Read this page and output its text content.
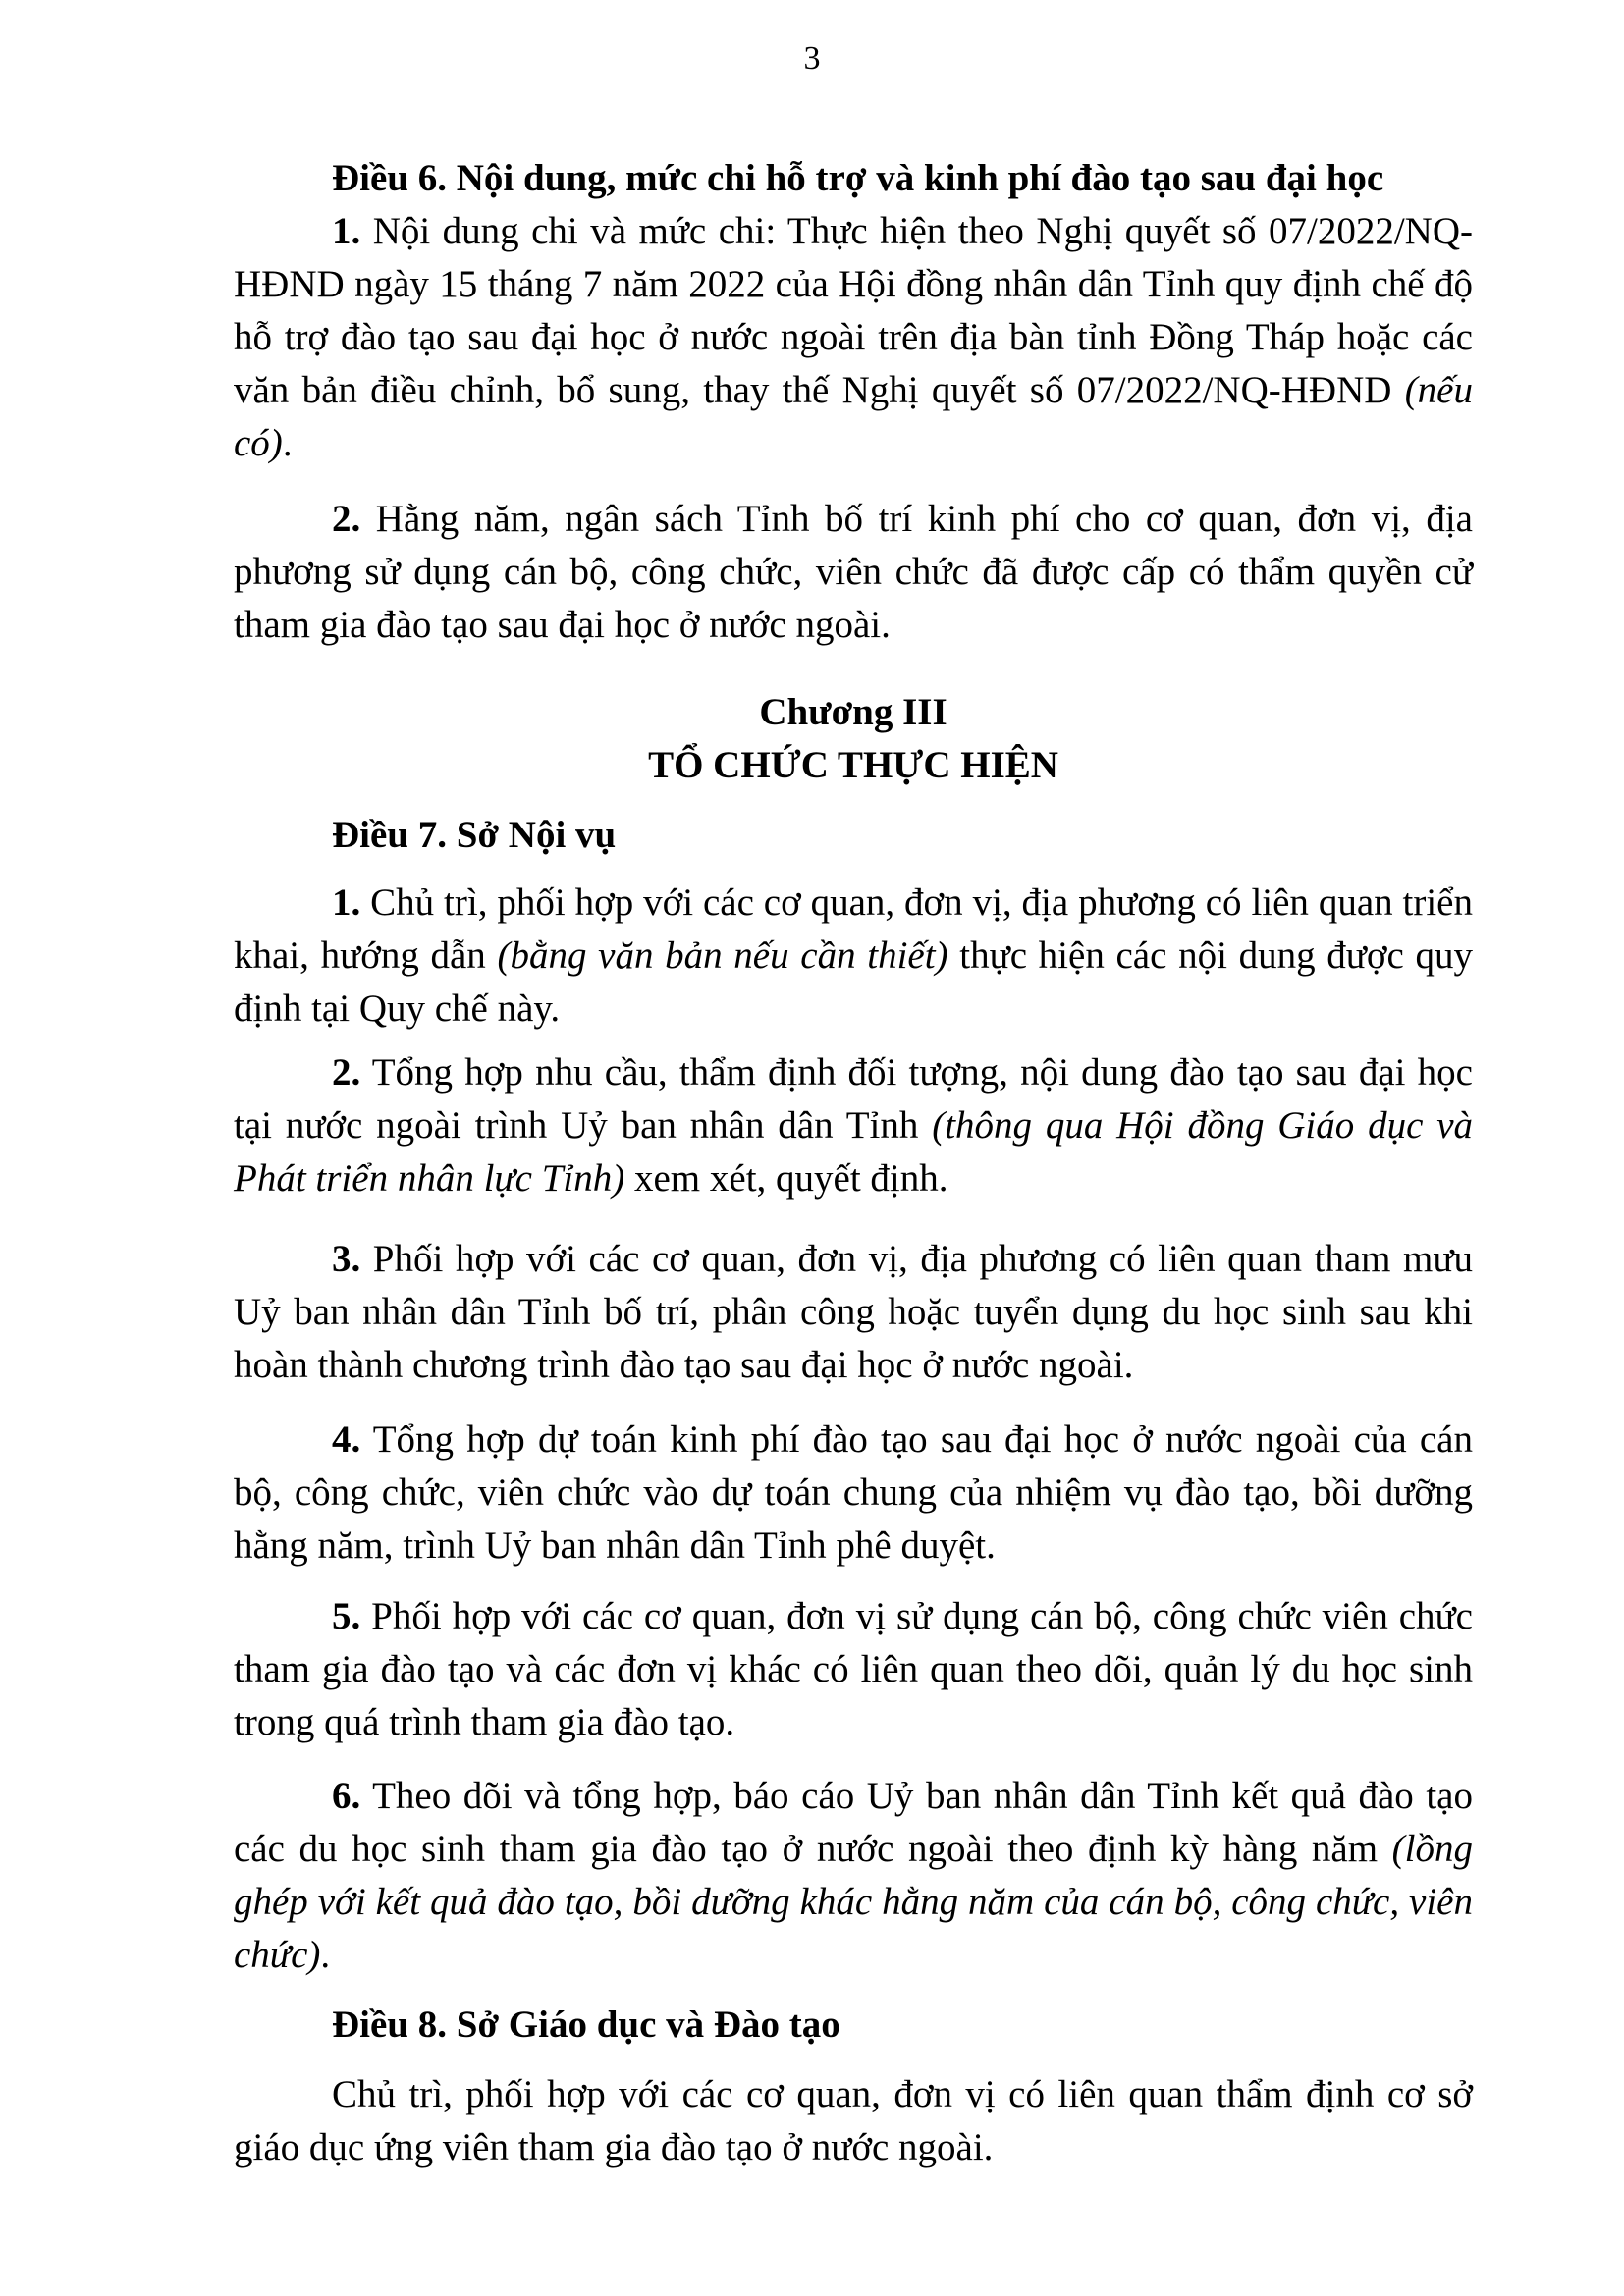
3

Điều 6. Nội dung, mức chi hỗ trợ và kinh phí đào tạo sau đại học

1. Nội dung chi và mức chi: Thực hiện theo Nghị quyết số 07/2022/NQ-HĐND ngày 15 tháng 7 năm 2022 của Hội đồng nhân dân Tỉnh quy định chế độ hỗ trợ đào tạo sau đại học ở nước ngoài trên địa bàn tỉnh Đồng Tháp hoặc các văn bản điều chỉnh, bổ sung, thay thế Nghị quyết số 07/2022/NQ-HĐND (nếu có).

2. Hằng năm, ngân sách Tỉnh bố trí kinh phí cho cơ quan, đơn vị, địa phương sử dụng cán bộ, công chức, viên chức đã được cấp có thẩm quyền cử tham gia đào tạo sau đại học ở nước ngoài.

Chương III

TỔ CHỨC THỰC HIỆN

Điều 7. Sở Nội vụ

1. Chủ trì, phối hợp với các cơ quan, đơn vị, địa phương có liên quan triển khai, hướng dẫn (bằng văn bản nếu cần thiết) thực hiện các nội dung được quy định tại Quy chế này.

2. Tổng hợp nhu cầu, thẩm định đối tượng, nội dung đào tạo sau đại học tại nước ngoài trình Uỷ ban nhân dân Tỉnh (thông qua Hội đồng Giáo dục và Phát triển nhân lực Tỉnh) xem xét, quyết định.

3. Phối hợp với các cơ quan, đơn vị, địa phương có liên quan tham mưu Uỷ ban nhân dân Tỉnh bố trí, phân công hoặc tuyển dụng du học sinh sau khi hoàn thành chương trình đào tạo sau đại học ở nước ngoài.

4. Tổng hợp dự toán kinh phí đào tạo sau đại học ở nước ngoài của cán bộ, công chức, viên chức vào dự toán chung của nhiệm vụ đào tạo, bồi dưỡng hằng năm, trình Uỷ ban nhân dân Tỉnh phê duyệt.

5. Phối hợp với các cơ quan, đơn vị sử dụng cán bộ, công chức viên chức tham gia đào tạo và các đơn vị khác có liên quan theo dõi, quản lý du học sinh trong quá trình tham gia đào tạo.

6. Theo dõi và tổng hợp, báo cáo Uỷ ban nhân dân Tỉnh kết quả đào tạo các du học sinh tham gia đào tạo ở nước ngoài theo định kỳ hàng năm (lồng ghép với kết quả đào tạo, bồi dưỡng khác hằng năm của cán bộ, công chức, viên chức).

Điều 8. Sở Giáo dục và Đào tạo

Chủ trì, phối hợp với các cơ quan, đơn vị có liên quan thẩm định cơ sở giáo dục ứng viên tham gia đào tạo ở nước ngoài.
